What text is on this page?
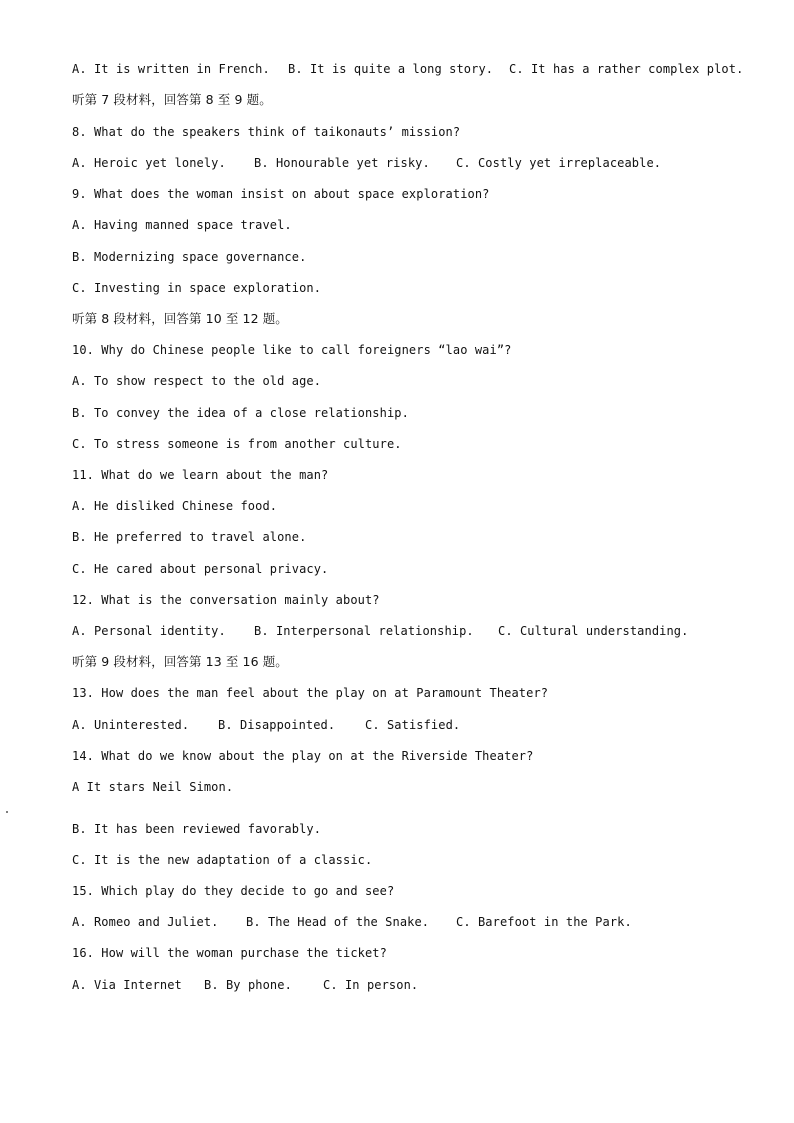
A. It is written in French. B. It is quite a long story. C. It has a rather complex plot.
听第 7 段材料，回答第 8 至 9 题。
8. What do the speakers think of taikonauts’ mission?
A. Heroic yet lonely. B. Honourable yet risky. C. Costly yet irreplaceable.
9. What does the woman insist on about space exploration?
A. Having manned space travel.
B. Modernizing space governance.
C. Investing in space exploration.
听第 8 段材料，回答第 10 至 12 题。
10. Why do Chinese people like to call foreigners “lao wai”?
A. To show respect to the old age.
B. To convey the idea of a close relationship.
C. To stress someone is from another culture.
11. What do we learn about the man?
A. He disliked Chinese food.
B. He preferred to travel alone.
C. He cared about personal privacy.
12. What is the conversation mainly about?
A. Personal identity. B. Interpersonal relationship. C. Cultural understanding.
听第 9 段材料，回答第 13 至 16 题。
13. How does the man feel about the play on at Paramount Theater?
A. Uninterested. B. Disappointed. C. Satisfied.
14. What do we know about the play on at the Riverside Theater?
A It stars Neil Simon.
B. It has been reviewed favorably.
C. It is the new adaptation of a classic.
15. Which play do they decide to go and see?
A. Romeo and Juliet. B. The Head of the Snake. C. Barefoot in the Park.
16. How will the woman purchase the ticket?
A. Via Internet B. By phone.	C. In person.
